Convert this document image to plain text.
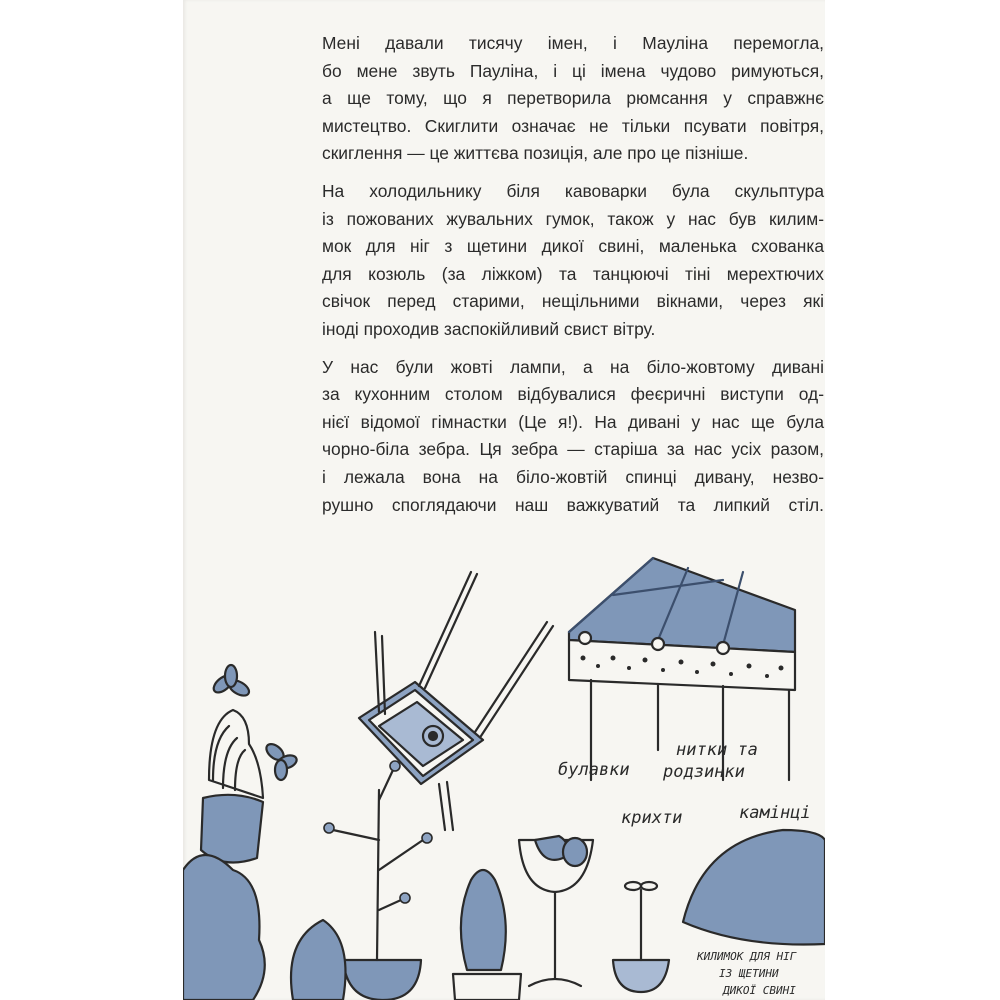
Мені давали тисячу імен, і Мауліна перемогла,
бо мене звуть Пауліна, і ці імена чудово римуються,
а ще тому, що я перетворила рюмсання у справжнє
мистецтво. Скиглити означає не тільки псувати повітря,
скиглення — це життєва позиція, але про це пізніше.

На холодильнику біля кавоварки була скульптура
із пожованих жувальних гумок, також у нас був килим-
мок для ніг з щетини дикої свині, маленька схованка
для козюль (за ліжком) та танцюючі тіні мерехтючих
свічок перед старими, нещільними вікнами, через які
іноді проходив заспокійливий свист вітру.

У нас були жовті лампи, а на біло-жовтому дивані
за кухонним столом відбувалися феєричні виступи од-
нієї відомої гімнастки (Це я!). На дивані у нас ще була
чорно-біла зебра. Ця зебра — старіша за нас усіх разом,
і лежала вона на біло-жовтій спинці дивану, незво-
рушно споглядаючи наш важкуватий та липкий стіл.

булавки
нитки та
родзинки
крихти	камінці
КИЛИМОК ДЛЯ НІГ
ІЗ ЩЕТИНИ
ДИКОЇ СВИНІ
